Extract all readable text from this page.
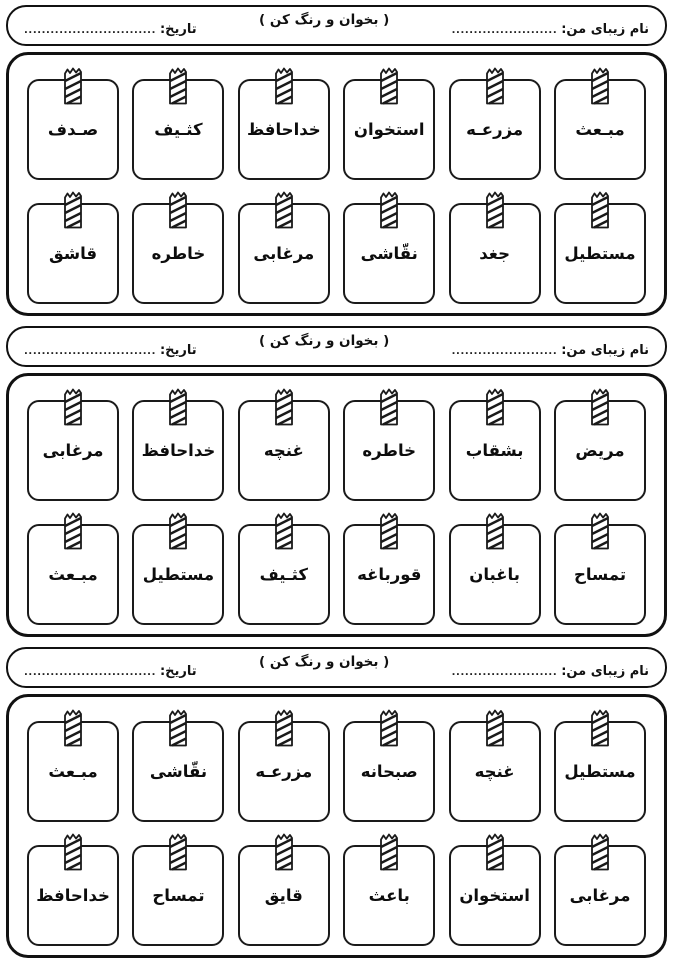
نام زیبای من:
........................
( بخوان و رنگ کن )
تاریخ:
..............................
مبـعث
مزرعـه
استخوان
خداحافظ
کثـیف
صـدف
مستطیل
جغد
نقّاشی
مرغابی
خاطره
قاشق
نام زیبای من:
........................
( بخوان و رنگ کن )
تاریخ:
..............................
مریض
بشقاب
خاطره
غنچه
خداحافظ
مرغابی
تمساح
باغبان
قورباغه
کثـیف
مستطیل
مبـعث
نام زیبای من:
........................
( بخوان و رنگ کن )
تاریخ:
..............................
مستطیل
غنچه
صبحانه
مزرعـه
نقّاشی
مبـعث
مرغابی
استخوان
باعث
قایق
تمساح
خداحافظ
